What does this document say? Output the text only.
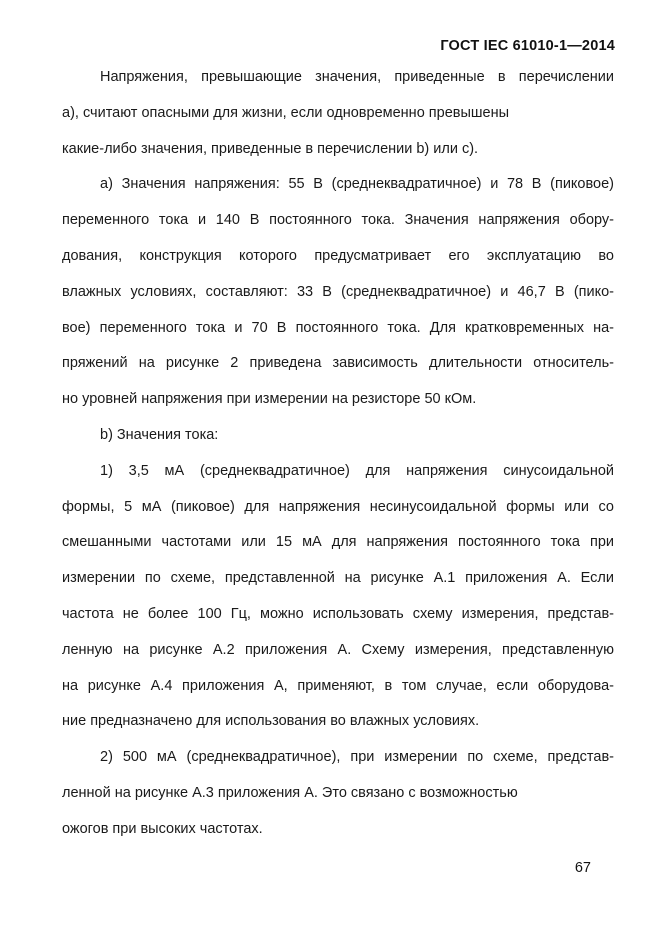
ГОСТ IEC 61010-1—2014
Напряжения, превышающие значения, приведенные в перечислении
a), считают опасными для жизни, если одновременно превышены
какие-либо значения, приведенные в перечислении b) или c).
а) Значения напряжения: 55 В (среднеквадратичное) и 78 В (пиковое)
переменного тока и 140 В постоянного тока. Значения напряжения обору-
дования, конструкция которого предусматривает его эксплуатацию во
влажных условиях, составляют: 33 В (среднеквадратичное) и 46,7 В (пико-
вое) переменного тока и 70 В постоянного тока. Для кратковременных на-
пряжений на рисунке 2 приведена зависимость длительности относитель-
но уровней напряжения при измерении на резисторе 50 кОм.
b) Значения тока:
1) 3,5 мА (среднеквадратичное) для напряжения синусоидальной
формы, 5 мА (пиковое) для напряжения несинусоидальной формы или со
смешанными частотами или 15 мА для напряжения постоянного тока при
измерении по схеме, представленной на рисунке А.1 приложения А. Если
частота не более 100 Гц, можно использовать схему измерения, представ-
ленную на рисунке А.2 приложения А. Схему измерения, представленную
на рисунке А.4 приложения А, применяют, в том случае, если оборудова-
ние предназначено для использования во влажных условиях.
2) 500 мА (среднеквадратичное), при измерении по схеме, представ-
ленной на рисунке А.3 приложения А. Это связано с возможностью
ожогов при высоких частотах.
67
